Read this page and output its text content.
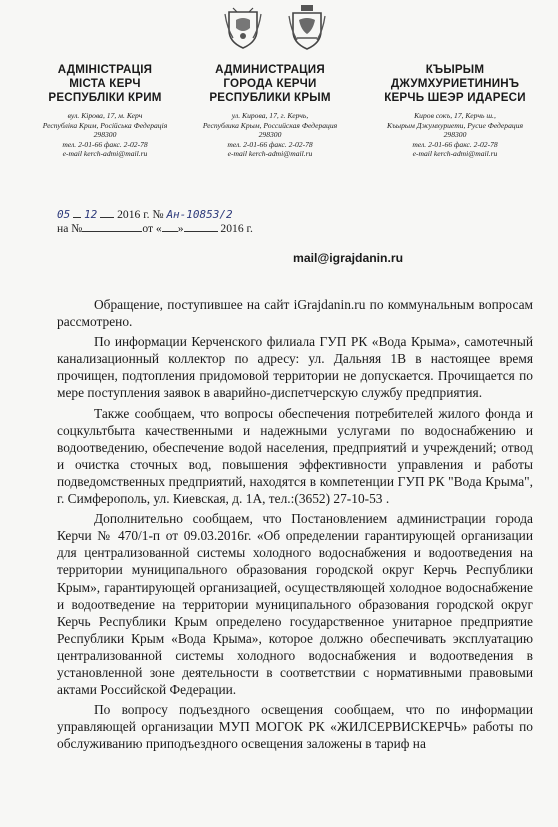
АДМІНІСТРАЦІЯ
МІСТА КЕРЧ
РЕСПУБЛІКИ КРИМ
вул. Кірова, 17, м. Керч
Республіка Крим, Російська Федерація
298300
тел. 2-01-66 факс. 2-02-78
e-mail kerch-admi@mail.ru
АДМИНИСТРАЦИЯ
ГОРОДА КЕРЧИ
РЕСПУБЛИКИ КРЫМ
ул. Кирова, 17, г. Керчь,
Республика Крым, Российская Федерация
298300
тел. 2-01-66 факс. 2-02-78
e-mail kerch-admi@mail.ru
КЪЫРЫМ
ДЖУМХУРИЕТИНИНЪ
КЕРЧЬ ШЕЭР ИДАРЕСИ
Киров сокъ, 17, Керчь ш.,
Къырым Джумхуриети, Русие Федерация
298300
тел. 2-01-66 факс. 2-02-78
e-mail kerch-admi@mail.ru
05 12 2016 г. № Ан-10853/2
на №	от « »	2016 г.
mail@igrajdanin.ru

Обращение, поступившее на сайт iGrajdanin.ru по коммунальным вопросам рассмотрено.

По информации Керченского филиала ГУП РК «Вода Крыма», самотечный канализационный коллектор по адресу: ул. Дальняя 1В в настоящее время прочищен, подтопления придомовой территории не допускается. Прочищается по мере поступления заявок в аварийно-диспетчерскую службу предприятия.

Также сообщаем, что вопросы обеспечения потребителей жилого фонда и соцкультбыта качественными и надежными услугами по водоснабжению и водоотведению, обеспечение водой населения, предприятий и учреждений; отвод и очистка сточных вод, повышения эффективности управления и работы подведомственных предприятий, находятся в компетенции ГУП РК "Вода Крыма", г. Симферополь, ул. Киевская, д. 1А, тел.:(3652) 27-10-53 .

Дополнительно сообщаем, что Постановлением администрации города Керчи № 470/1-п от 09.03.2016г. «Об определении гарантирующей организации для централизованной системы холодного водоснабжения и водоотведения на территории муниципального образования городской округ Керчь Республики Крым», гарантирующей организацией, осуществляющей холодное водоснабжение и водоотведение на территории муниципального образования городской округ Керчь Республики Крым определено государственное унитарное предприятие Республики Крым «Вода Крыма», которое должно обеспечивать эксплуатацию централизованной системы холодного водоснабжения и водоотведения в установленной зоне деятельности в соответствии с нормативными правовыми актами Российской Федерации.

По вопросу подъездного освещения сообщаем, что по информации управляющей организации МУП МОГОК РК «ЖИЛСЕРВИСКЕРЧЬ» работы по обслуживанию приподъездного освещения заложены в тариф на
